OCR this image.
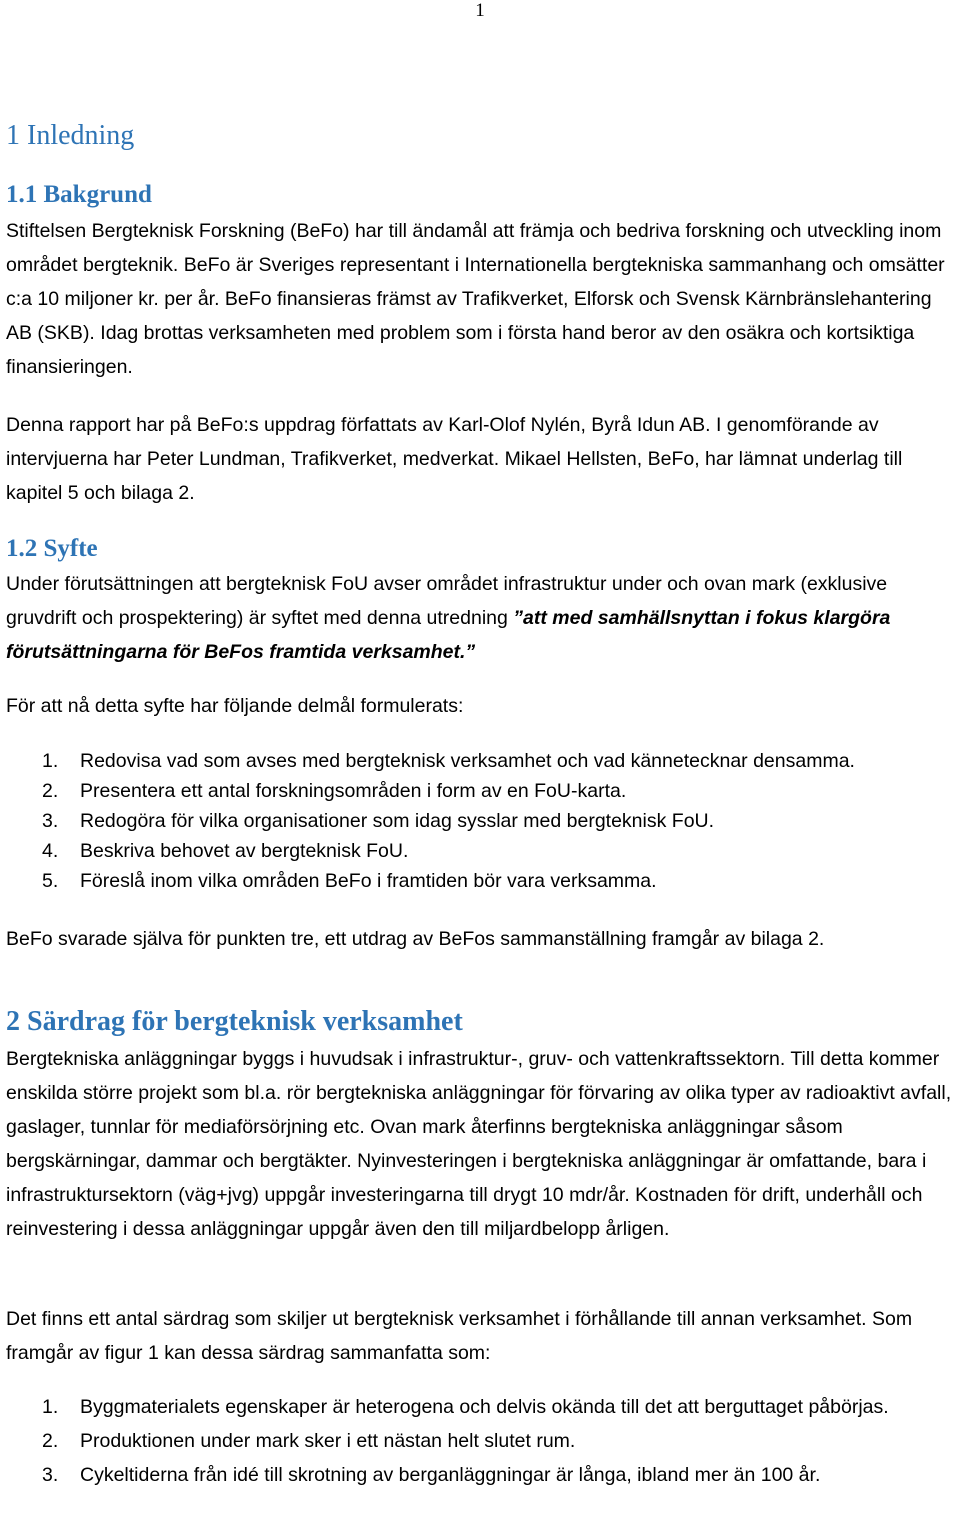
1
1 Inledning
1.1 Bakgrund

Stiftelsen Bergteknisk Forskning (BeFo) har till ändamål att främja och bedriva forskning och utveckling inom området bergteknik. BeFo är Sveriges representant i Internationella bergtekniska sammanhang och omsätter c:a 10 miljoner kr. per år. BeFo finansieras främst av Trafikverket, Elforsk och Svensk Kärnbränslehantering AB (SKB). Idag brottas verksamheten med problem som i första hand beror av den osäkra och kortsiktiga finansieringen.

Denna rapport har på BeFo:s uppdrag författats av Karl-Olof Nylén, Byrå Idun AB. I genomförande av intervjuerna har Peter Lundman, Trafikverket, medverkat. Mikael Hellsten, BeFo, har lämnat underlag till kapitel 5 och bilaga 2.

1.2 Syfte

Under förutsättningen att bergteknisk FoU avser området infrastruktur under och ovan mark (exklusive gruvdrift och prospektering) är syftet med denna utredning ”att med samhällsnyttan i fokus klargöra förutsättningarna för BeFos framtida verksamhet.”

För att nå detta syfte har följande delmål formulerats:

1. Redovisa vad som avses med bergteknisk verksamhet och vad kännetecknar densamma.
2. Presentera ett antal forskningsområden i form av en FoU-karta.
3. Redogöra för vilka organisationer som idag sysslar med bergteknisk FoU.
4. Beskriva behovet av bergteknisk FoU.
5. Föreslå inom vilka områden BeFo i framtiden bör vara verksamma.

BeFo svarade själva för punkten tre, ett utdrag av BeFos sammanställning framgår av bilaga 2.

2 Särdrag för bergteknisk verksamhet

Bergtekniska anläggningar byggs i huvudsak i infrastruktur-, gruv- och vattenkraftssektorn. Till detta kommer enskilda större projekt som bl.a. rör bergtekniska anläggningar för förvaring av olika typer av radioaktivt avfall, gaslager, tunnlar för mediaförsörjning etc. Ovan mark återfinns bergtekniska anläggningar såsom bergskärningar, dammar och bergtäkter. Nyinvesteringen i bergtekniska anläggningar är omfattande, bara i infrastruktursektorn (väg+jvg) uppgår investeringarna till drygt 10 mdr/år. Kostnaden för drift, underhåll och reinvestering i dessa anläggningar uppgår även den till miljardbelopp årligen.

Det finns ett antal särdrag som skiljer ut bergteknisk verksamhet i förhållande till annan verksamhet. Som framgår av figur 1 kan dessa särdrag sammanfatta som:

1. Byggmaterialets egenskaper är heterogena och delvis okända till det att berguttaget påbörjas.
2. Produktionen under mark sker i ett nästan helt slutet rum.
3. Cykeltiderna från idé till skrotning av berganläggningar är långa, ibland mer än 100 år.
